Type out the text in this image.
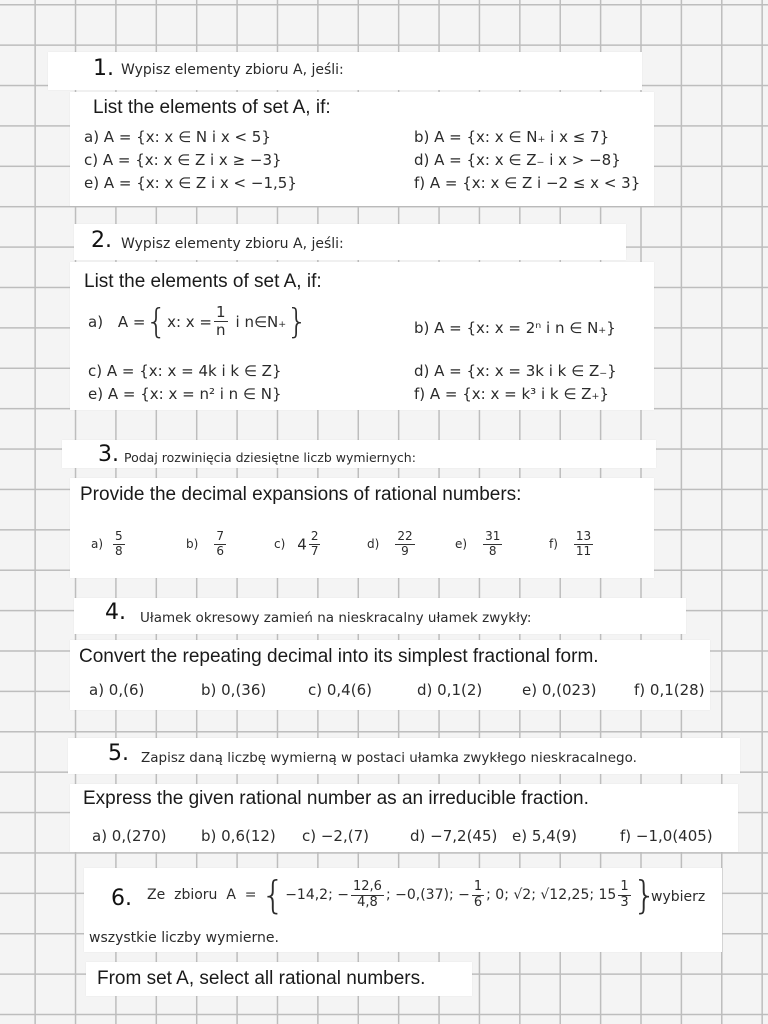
1. Wypisz elementy zbioru A, jeśli:
List the elements of set A, if:
a) A = {x: x ∈ N i x < 5}	b) A = {x: x ∈ N₊ i x ≤ 7}
c) A = {x: x ∈ Z i x ≥ −3}	d) A = {x: x ∈ Z₋ i x > −8}
e) A = {x: x ∈ Z i x < −1,5}	f) A = {x: x ∈ Z i −2 ≤ x < 3}
2. Wypisz elementy zbioru A, jeśli:
List the elements of set A, if:
a) A ={x: $x = \frac{1}{n}$ i n∈N₊}	b) A = {x: x = 2ⁿ i n ∈ N₊}
c) A = {x: x = 4k i k ∈ Z}	d) A = {x: x = 3k i k ∈ Z₋}
e) A = {x: x = n² i n ∈ N}	f) A = {x: x = k³ i k ∈ Z₊}
3. Podaj rozwinięcia dziesiętne liczb wymiernych:
Provide the decimal expansions of rational numbers:
$a) \frac{5}{8}$	$b) \frac{7}{6}$	c) $4 \frac{2}{7}$	$d) \frac{22}{9}$	$e) \frac{31}{8}$	$f) \frac{13}{11}$
4. Ułamek okresowy zamień na nieskracalny ułamek zwykły:
Convert the repeating decimal into its simplest fractional form.
a) 0,(6)	b) 0,(36)	c) 0,4(6)	d) 0,1(2)	e) 0,(023)	f) 0,1(28)
5. Zapisz daną liczbę wymierną w postaci ułamka zwykłego nieskracalnego.
Express the given rational number as an irreducible fraction.
a) 0,(270) b) 0,6(12) c) −2,(7)	d) −7,2(45) e) 5,4(9)	f) −1,0(405)
6. Ze  zbioru  A  = {−14,2; − $\frac{12,6}{4,8}$ ; −0,(37); − $\frac{1}{6}$ ; 0; √2; √12,25; $15 \frac{1}{3}$ }
wybierz
wszystkie liczby wymierne.
From set A, select all rational numbers.
